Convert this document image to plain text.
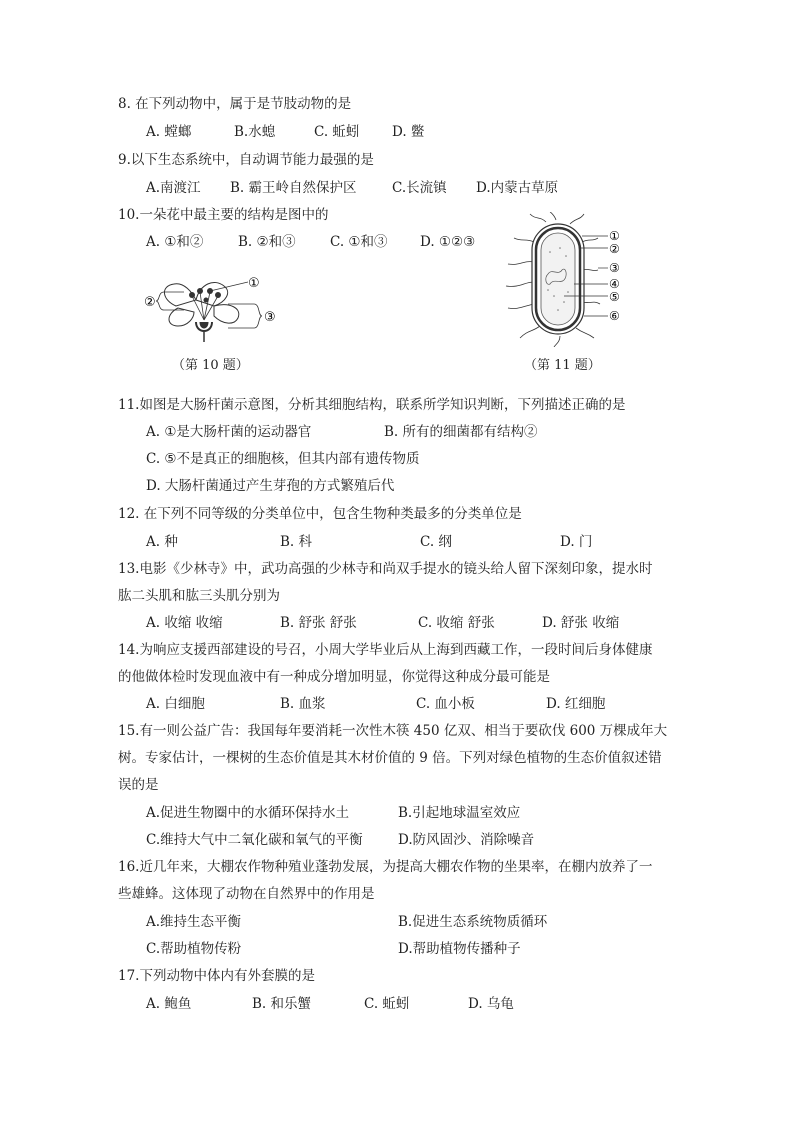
8. 在下列动物中，属于是节肢动物的是
A. 螳螂	B.水螅	C. 蚯蚓 D. 鳖
9.以下生态系统中，自动调节能力最强的是
A.南渡江 B. 霸王岭自然保护区	C.长流镇 D.内蒙古草原
10.一朵花中最主要的结构是图中的
A. ①和②	B. ②和③	C. ①和③ D. ①②③
①
②
③
（第 10 题）
①
②
③
④
⑤
⑥
（第 11 题）
11.如图是大肠杆菌示意图，分析其细胞结构，联系所学知识判断，下列描述正确的是
A. ①是大肠杆菌的运动器官	B. 所有的细菌都有结构②
C. ⑤不是真正的细胞核，但其内部有遗传物质
D. 大肠杆菌通过产生芽孢的方式繁殖后代
12. 在下列不同等级的分类单位中，包含生物种类最多的分类单位是
A. 种	B. 科	C. 纲	D. 门
13.电影《少林寺》中，武功高强的少林寺和尚双手提水的镜头给人留下深刻印象，提水时
肱二头肌和肱三头肌分别为
A. 收缩 收缩	B. 舒张 舒张	C. 收缩 舒张	D. 舒张 收缩
14.为响应支援西部建设的号召，小周大学毕业后从上海到西藏工作，一段时间后身体健康
的他做体检时发现血液中有一种成分增加明显，你觉得这种成分最可能是
A. 白细胞	B. 血浆	C. 血小板	D. 红细胞
15.有一则公益广告：我国每年要消耗一次性木筷 450 亿双、相当于要砍伐 600 万棵成年大
树。专家估计，一棵树的生态价值是其木材价值的 9 倍。下列对绿色植物的生态价值叙述错
误的是
A.促进生物圈中的水循环保持水土	B.引起地球温室效应
C.维持大气中二氧化碳和氧气的平衡	D.防风固沙、消除噪音
16.近几年来，大棚农作物种殖业蓬勃发展，为提高大棚农作物的坐果率，在棚内放养了一
些雄蜂。这体现了动物在自然界中的作用是
A.维持生态平衡	B.促进生态系统物质循环
C.帮助植物传粉	D.帮助植物传播种子
17.下列动物中体内有外套膜的是
A. 鲍鱼	B. 和乐蟹	C. 蚯蚓	D. 乌龟
